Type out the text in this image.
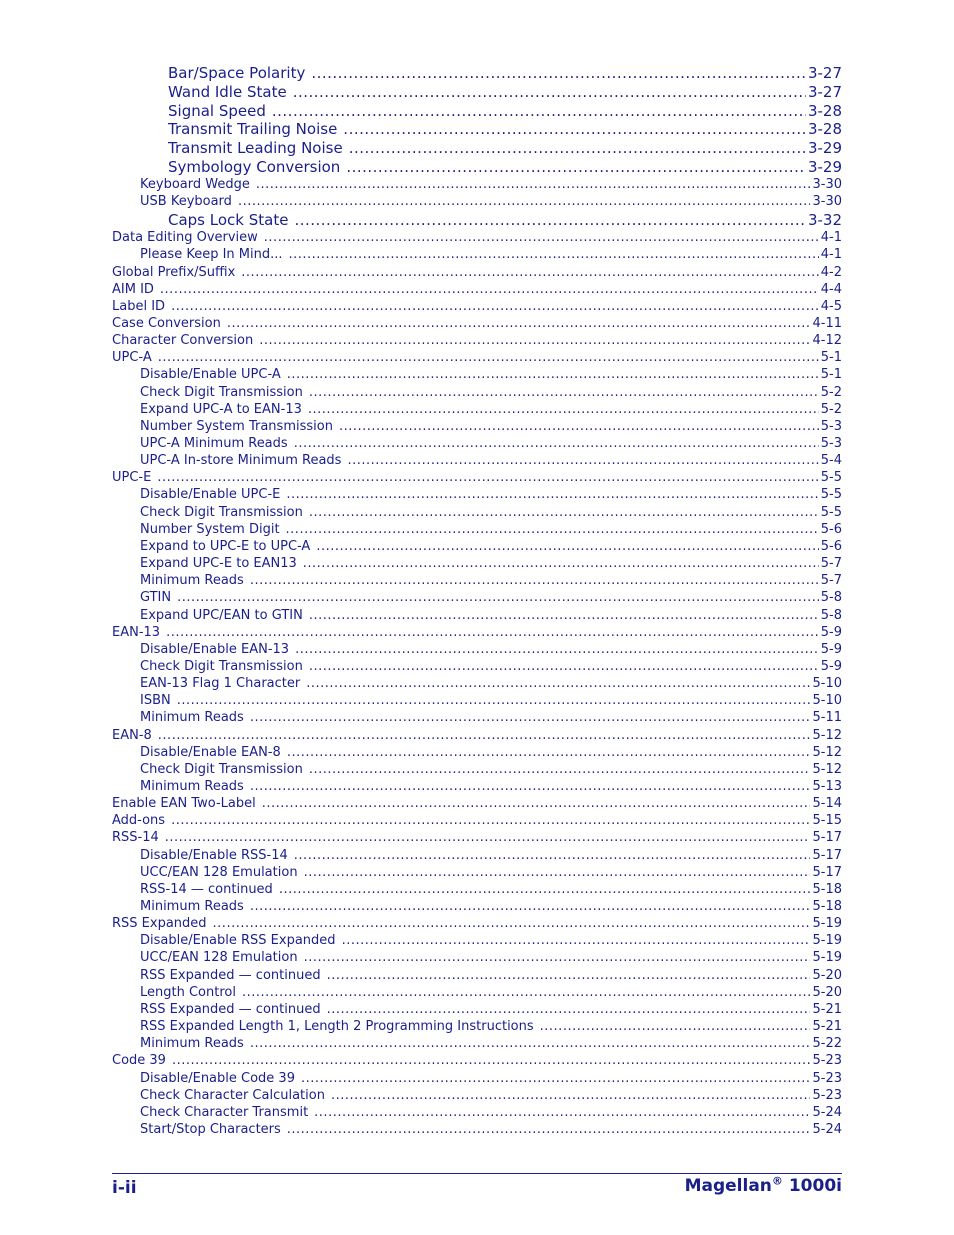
Bar/Space Polarity .....	3-27
Wand Idle State .....	3-27
Signal Speed .....	3-28
Transmit Trailing Noise .....	3-28
Transmit Leading Noise .....	3-29
Symbology Conversion .....	3-29
Keyboard Wedge .....	3-30
USB Keyboard .....	3-30
Caps Lock State .....	3-32
Data Editing Overview .....	4-1
Please Keep In Mind... .....	4-1
Global Prefix/Suffix .....	4-2
AIM ID .....	4-4
Label ID .....	4-5
Case Conversion .....	4-11
Character Conversion .....	4-12
UPC-A .....	5-1
Disable/Enable UPC-A .....	5-1
Check Digit Transmission .....	5-2
Expand UPC-A to EAN-13 .....	5-2
Number System Transmission .....	5-3
UPC-A Minimum Reads .....	5-3
UPC-A In-store Minimum Reads .....	5-4
UPC-E .....	5-5
Disable/Enable UPC-E .....	5-5
Check Digit Transmission .....	5-5
Number System Digit .....	5-6
Expand to UPC-E to UPC-A .....	5-6
Expand UPC-E to EAN13 .....	5-7
Minimum Reads .....	5-7
GTIN .....	5-8
Expand UPC/EAN to GTIN .....	5-8
EAN-13 .....	5-9
Disable/Enable EAN-13 .....	5-9
Check Digit Transmission .....	5-9
EAN-13 Flag 1 Character .....	5-10
ISBN .....	5-10
Minimum Reads .....	5-11
EAN-8 .....	5-12
Disable/Enable EAN-8 .....	5-12
Check Digit Transmission .....	5-12
Minimum Reads .....	5-13
Enable EAN Two-Label .....	5-14
Add-ons .....	5-15
RSS-14 .....	5-17
Disable/Enable RSS-14 .....	5-17
UCC/EAN 128 Emulation .....	5-17
RSS-14 — continued .....	5-18
Minimum Reads .....	5-18
RSS Expanded .....	5-19
Disable/Enable RSS Expanded .....	5-19
UCC/EAN 128 Emulation .....	5-19
RSS Expanded — continued .....	5-20
Length Control .....	5-20
RSS Expanded — continued .....	5-21
RSS Expanded Length 1, Length 2 Programming Instructions .....	5-21
Minimum Reads .....	5-22
Code 39 .....	5-23
Disable/Enable Code 39 .....	5-23
Check Character Calculation .....	5-23
Check Character Transmit .....	5-24
Start/Stop Characters .....	5-24
i-ii	Magellan® 1000i
